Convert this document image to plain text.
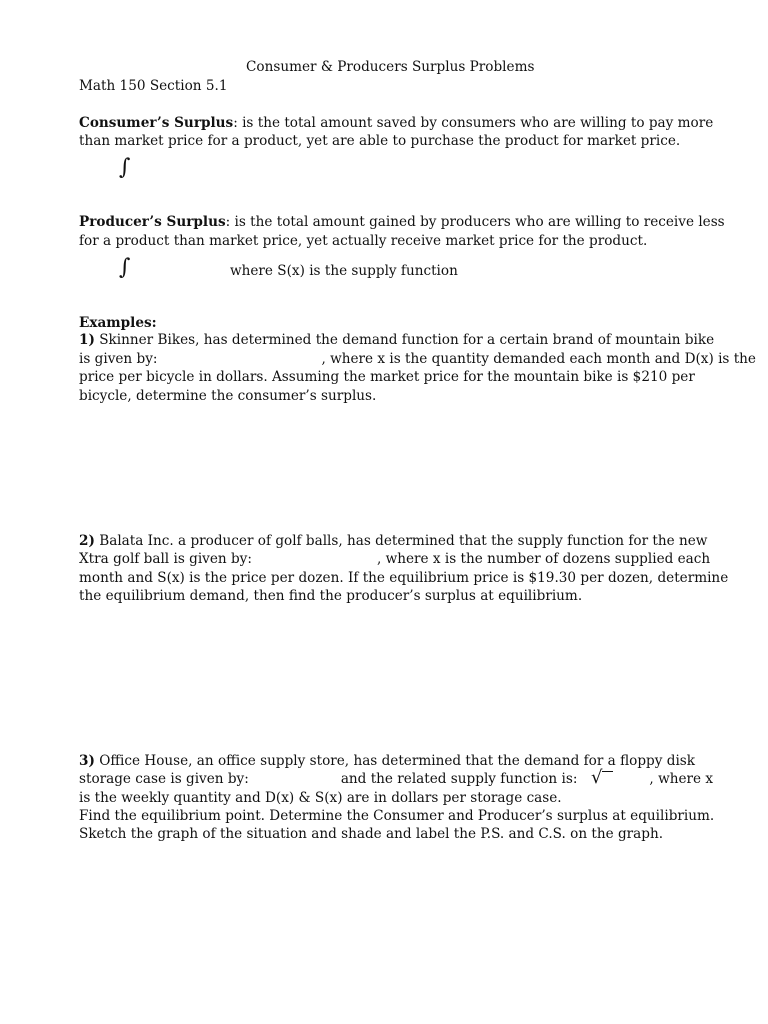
Consumer & Producers Surplus Problems
Math 150 Section 5.1
Consumer’s Surplus: is the total amount saved by consumers who are willing to pay more
than market price for a product, yet are able to purchase the product for market price.
∫
Producer’s Surplus: is the total amount gained by producers who are willing to receive less
for a product than market price, yet actually receive market price for the product.
∫	where S(x) is the supply function
Examples:
1) Skinner Bikes, has determined the demand function for a certain brand of mountain bike
is given by:	, where x is the quantity demanded each month and D(x) is the
price per bicycle in dollars. Assuming the market price for the mountain bike is $210 per
bicycle, determine the consumer’s surplus.
2) Balata Inc. a producer of golf balls, has determined that the supply function for the new
Xtra golf ball is given by:	, where x is the number of dozens supplied each
month and S(x) is the price per dozen. If the equilibrium price is $19.30 per dozen, determine
the equilibrium demand, then find the producer’s surplus at equilibrium.
3) Office House, an office supply store, has determined that the demand for a floppy disk
storage case is given by:	and the related supply function is:	, where x
√
is the weekly quantity and D(x) & S(x) are in dollars per storage case.
Find the equilibrium point. Determine the Consumer and Producer’s surplus at equilibrium.
Sketch the graph of the situation and shade and label the P.S. and C.S. on the graph.
